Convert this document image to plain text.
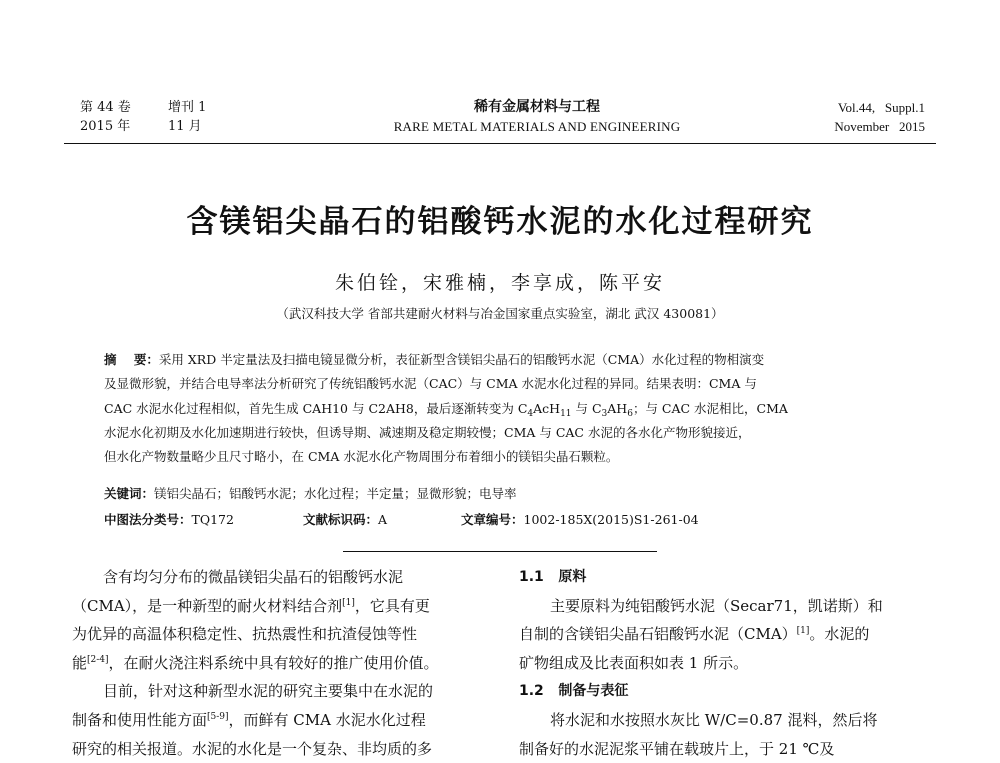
第 44 卷
2015 年
增刊 1
11 月
稀有金属材料与工程
RARE METAL MATERIALS AND ENGINEERING
Vol.44,   Suppl.1
November   2015
含镁铝尖晶石的铝酸钙水泥的水化过程研究
朱伯铨，宋雅楠，李享成，陈平安
（武汉科技大学 省部共建耐火材料与冶金国家重点实验室，湖北 武汉 430081）
摘    要：采用 XRD 半定量法及扫描电镜显微分析，表征新型含镁铝尖晶石的铝酸钙水泥（CMA）水化过程的物相演变
及显微形貌，并结合电导率法分析研究了传统铝酸钙水泥（CAC）与 CMA 水泥水化过程的异同。结果表明：CMA 与
CAC 水泥水化过程相似，首先生成 CAH10 与 C2AH8，最后逐渐转变为 $C_4AcH_{11}$ 与 $C_3AH_6$；与 CAC 水泥相比，CMA
水泥水化初期及水化加速期进行较快，但诱导期、减速期及稳定期较慢；CMA 与 CAC 水泥的各水化产物形貌接近，
但水化产物数量略少且尺寸略小，在 CMA 水泥水化产物周围分布着细小的镁铝尖晶石颗粒。
关键词：镁铝尖晶石；铝酸钙水泥；水化过程；半定量；显微形貌；电导率
中图法分类号：TQ172	文献标识码：A	文章编号：1002-185X(2015)S1-261-04
含有均匀分布的微晶镁铝尖晶石的铝酸钙水泥
（CMA），是一种新型的耐火材料结合剂[1]，它具有更
为优异的高温体积稳定性、抗热震性和抗渣侵蚀等性
能[2-4]，在耐火浇注料系统中具有较好的推广使用价值。
目前，针对这种新型水泥的研究主要集中在水泥的
制备和使用性能方面[5-9]，而鲜有 CMA 水泥水化过程
研究的相关报道。水泥的水化是一个复杂、非均质的多
1.1   原料
主要原料为纯铝酸钙水泥（Secar71，凯诺斯）和
自制的含镁铝尖晶石铝酸钙水泥（CMA）[1]。水泥的
矿物组成及比表面积如表 1 所示。
1.2   制备与表征
将水泥和水按照水灰比 W/C=0.87 混料，然后将
制备好的水泥泥浆平铺在载玻片上，于 21 ℃及
